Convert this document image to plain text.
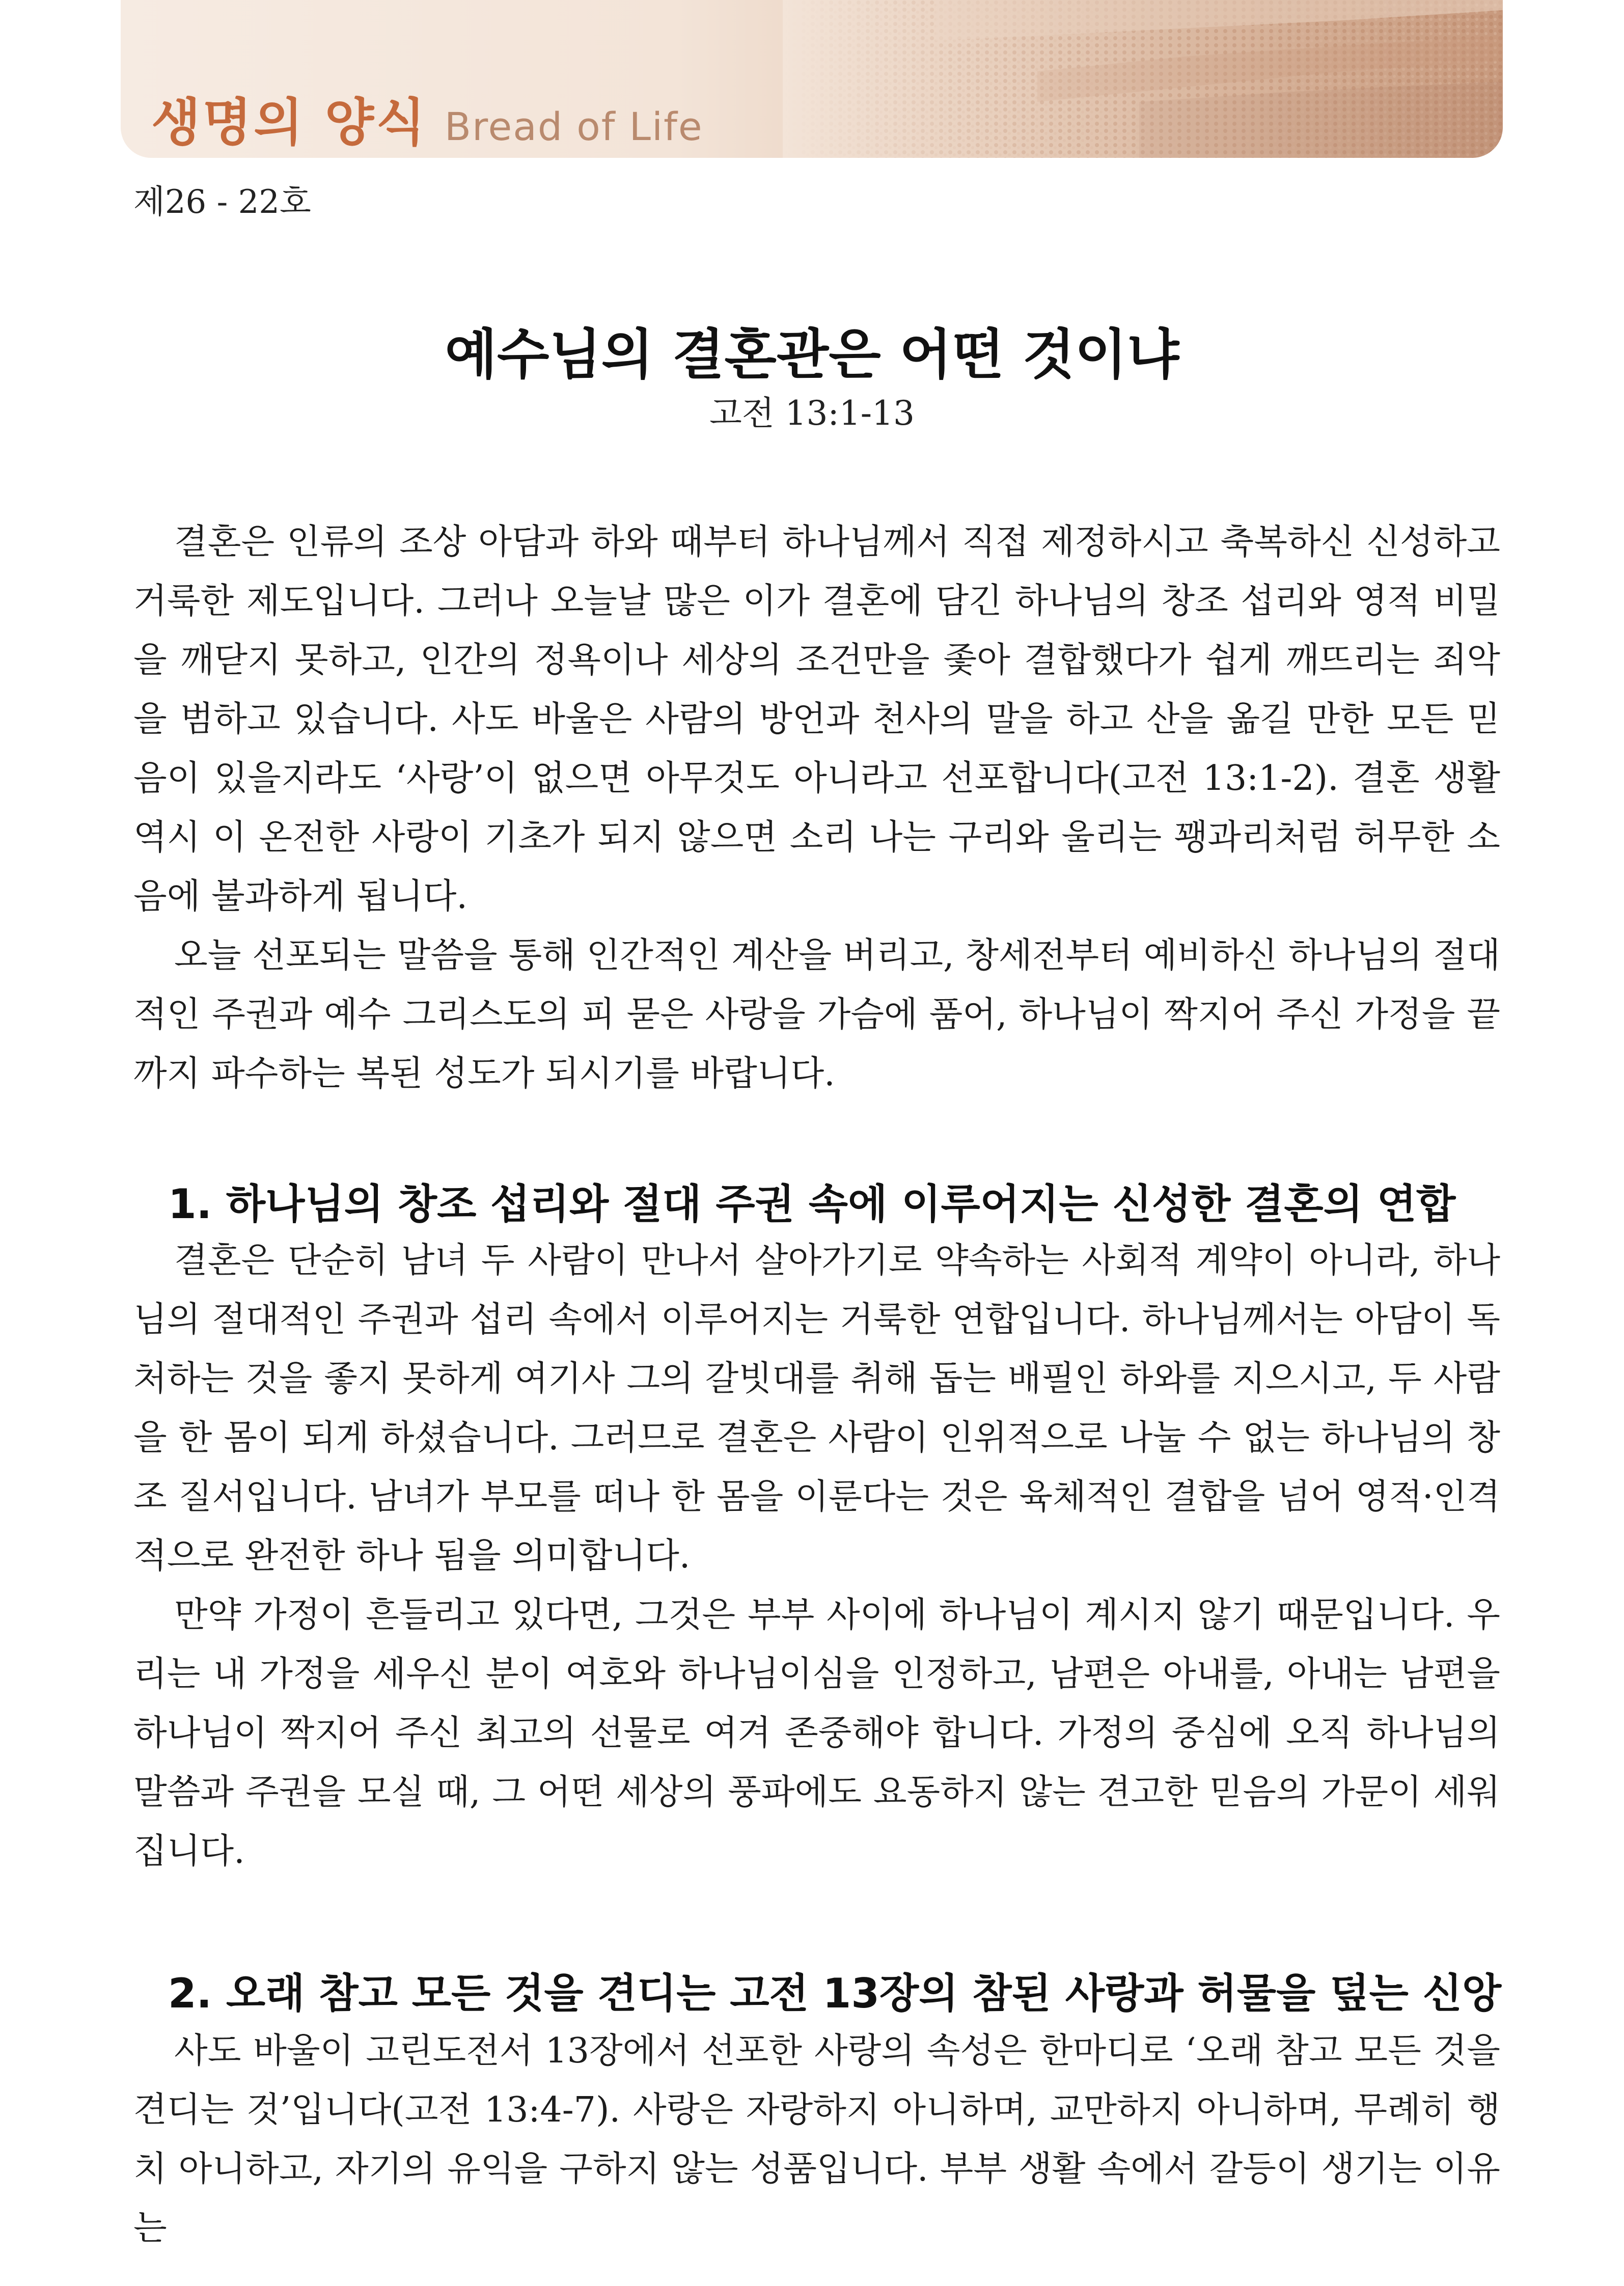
생명의 양식 Bread of Life
제26 - 22호
예수님의 결혼관은 어떤 것이냐
고전 13:1-13

결혼은 인류의 조상 아담과 하와 때부터 하나님께서 직접 제정하시고 축복하신 신성하고 거룩한 제도입니다. 그러나 오늘날 많은 이가 결혼에 담긴 하나님의 창조 섭리와 영적 비밀을 깨닫지 못하고, 인간의 정욕이나 세상의 조건만을 좇아 결합했다가 쉽게 깨뜨리는 죄악을 범하고 있습니다. 사도 바울은 사람의 방언과 천사의 말을 하고 산을 옮길 만한 모든 믿음이 있을지라도 ‘사랑’이 없으면 아무것도 아니라고 선포합니다(고전 13:1-2). 결혼 생활 역시 이 온전한 사랑이 기초가 되지 않으면 소리 나는 구리와 울리는 꽹과리처럼 허무한 소음에 불과하게 됩니다.

오늘 선포되는 말씀을 통해 인간적인 계산을 버리고, 창세전부터 예비하신 하나님의 절대적인 주권과 예수 그리스도의 피 묻은 사랑을 가슴에 품어, 하나님이 짝지어 주신 가정을 끝까지 파수하는 복된 성도가 되시기를 바랍니다.

1. 하나님의 창조 섭리와 절대 주권 속에 이루어지는 신성한 결혼의 연합

결혼은 단순히 남녀 두 사람이 만나서 살아가기로 약속하는 사회적 계약이 아니라, 하나님의 절대적인 주권과 섭리 속에서 이루어지는 거룩한 연합입니다. 하나님께서는 아담이 독처하는 것을 좋지 못하게 여기사 그의 갈빗대를 취해 돕는 배필인 하와를 지으시고, 두 사람을 한 몸이 되게 하셨습니다. 그러므로 결혼은 사람이 인위적으로 나눌 수 없는 하나님의 창조 질서입니다. 남녀가 부모를 떠나 한 몸을 이룬다는 것은 육체적인 결합을 넘어 영적·인격적으로 완전한 하나 됨을 의미합니다.

만약 가정이 흔들리고 있다면, 그것은 부부 사이에 하나님이 계시지 않기 때문입니다. 우리는 내 가정을 세우신 분이 여호와 하나님이심을 인정하고, 남편은 아내를, 아내는 남편을 하나님이 짝지어 주신 최고의 선물로 여겨 존중해야 합니다. 가정의 중심에 오직 하나님의 말씀과 주권을 모실 때, 그 어떤 세상의 풍파에도 요동하지 않는 견고한 믿음의 가문이 세워집니다.

2. 오래 참고 모든 것을 견디는 고전 13장의 참된 사랑과 허물을 덮는 신앙

사도 바울이 고린도전서 13장에서 선포한 사랑의 속성은 한마디로 ‘오래 참고 모든 것을 견디는 것’입니다(고전 13:4-7). 사랑은 자랑하지 아니하며, 교만하지 아니하며, 무례히 행치 아니하고, 자기의 유익을 구하지 않는 성품입니다. 부부 생활 속에서 갈등이 생기는 이유는
